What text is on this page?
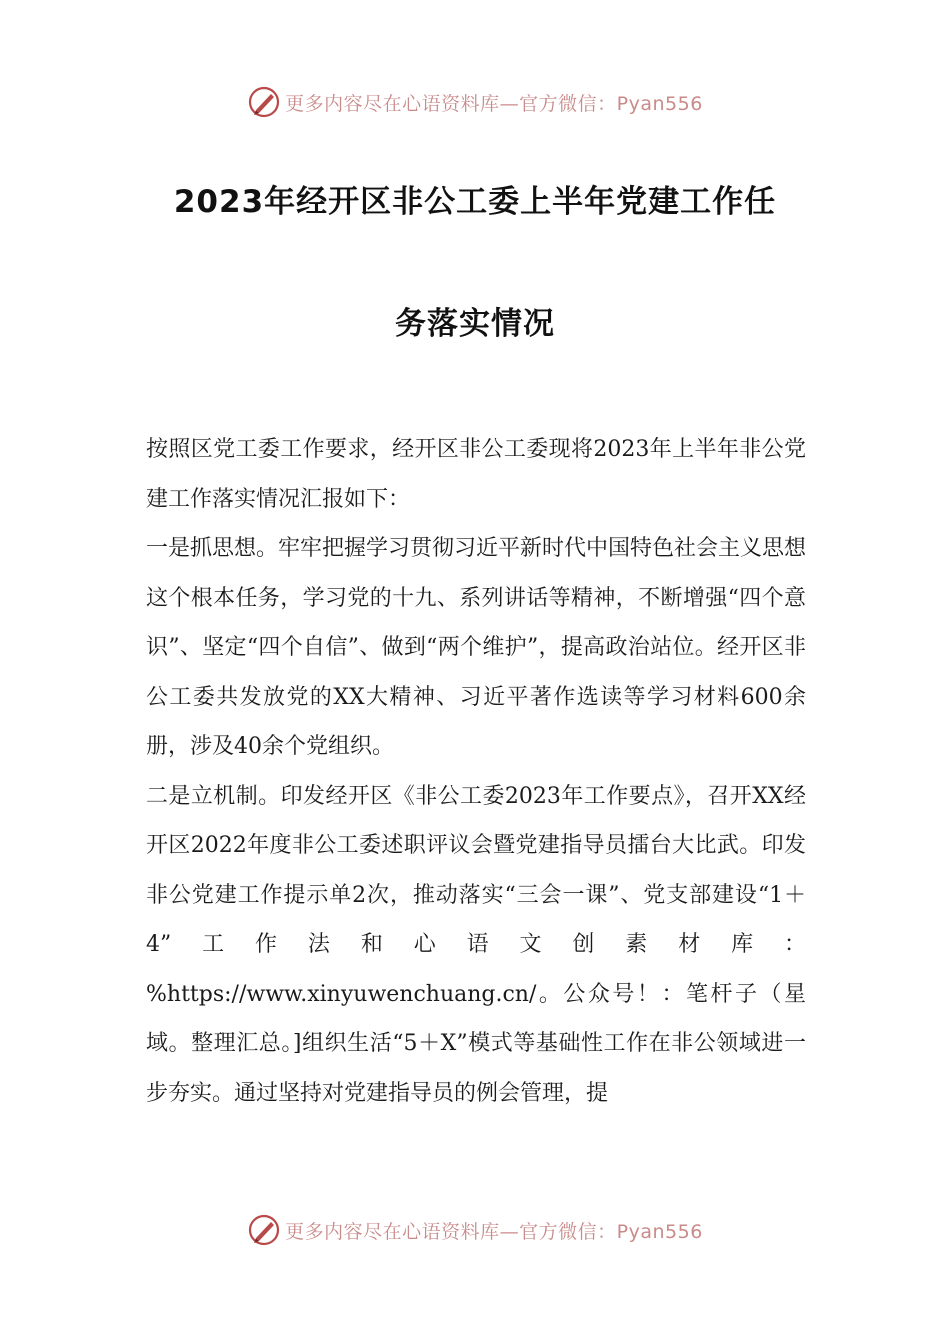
更多内容尽在心语资料库—官方微信：Pyan556
2023年经开区非公工委上半年党建工作任
务落实情况

按照区党工委工作要求，经开区非公工委现将2023年上半年非公党建工作落实情况汇报如下：

一是抓思想。牢牢把握学习贯彻习近平新时代中国特色社会主义思想这个根本任务，学习党的十九、系列讲话等精神，不断增强“四个意识”、坚定“四个自信”、做到“两个维护”，提高政治站位。经开区非公工委共发放党的XX大精神、习近平著作选读等学习材料600余册，涉及40余个党组织。

二是立机制。印发经开区《非公工委2023年工作要点》，召开XX经开区2022年度非公工委述职评议会暨党建指导员擂台大比武。印发非公党建工作提示单2次，推动落实“三会一课”、党支部建设“1＋4”工作法和心语文创素材库：%https://www.xinyuwenchuang.cn/。公众号！：笔杆子（星域。整理汇总。]组织生活“5＋X”模式等基础性工作在非公领域进一步夯实。通过坚持对党建指导员的例会管理，提

更多内容尽在心语资料库—官方微信：Pyan556
